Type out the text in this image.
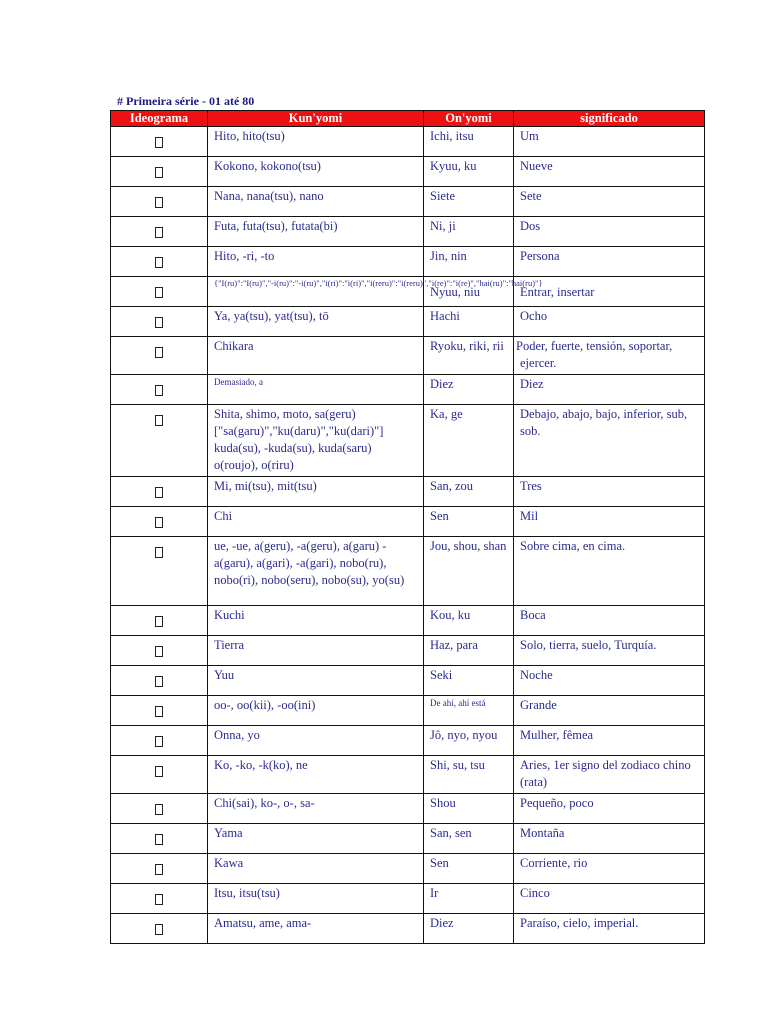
# Primeira série - 01 até 80
Ideograma	Kun'yomi	On'yomi	significado

	Hito, hito(tsu)	Ichi, itsu	Um

	Kokono, kokono(tsu)	Kyuu, ku	Nueve

	Nana, nana(tsu), nano	Siete	Sete

	Futa, futa(tsu), futata(bi)	Ni, ji	Dos

	Hito, -ri, -to	Jin, nin	Persona

	{"I(ru)":"I(ru)","-i(ru)":"-i(ru)","i(ri)":"i(ri)","i(reru)":"i(reru)","i(re)":"i(re)","hai(ru)":"hai(ru)"}	Nyuu, niu	Entrar, insertar

	Ya, ya(tsu), yat(tsu), tō	Hachi	Ocho

	Chikara	Ryoku, riki, rii	Poder, fuerte, tensión, soportar, ejercer.

	Demasiado, a	Diez	Diez

	Shita, shimo, moto, sa(geru) ["sa(garu)","ku(daru)","ku(dari)"] kuda(su), -kuda(su), kuda(saru) o(roujo), o(riru)	Ka, ge	Debajo, abajo, bajo, inferior, sub, sob.

	Mi, mi(tsu), mit(tsu)	San, zou	Tres

	Chi	Sen	Mil

	ue, -ue, a(geru), -a(geru), a(garu) -a(garu), a(gari), -a(gari), nobo(ru), nobo(ri), nobo(seru), nobo(su), yo(su)	Jou, shou, shan	Sobre cima, en cima.

	Kuchi	Kou, ku	Boca

	Tierra	Haz, para	Solo, tierra, suelo, Turquía.

	Yuu	Seki	Noche

	oo-, oo(kii), -oo(ini)	De ahí, ahí está	Grande

	Onna, yo	Jô, nyo, nyou	Mulher, fêmea

	Ko, -ko, -k(ko), ne	Shi, su, tsu	Aries, 1er signo del zodiaco chino (rata)

	Chi(sai), ko-, o-, sa-	Shou	Pequeño, poco

	Yama	San, sen	Montaña

	Kawa	Sen	Corriente, rio

	Itsu, itsu(tsu)	Ir	Cinco

	Amatsu, ame, ama-	Diez	Paraíso, cielo, imperial.
